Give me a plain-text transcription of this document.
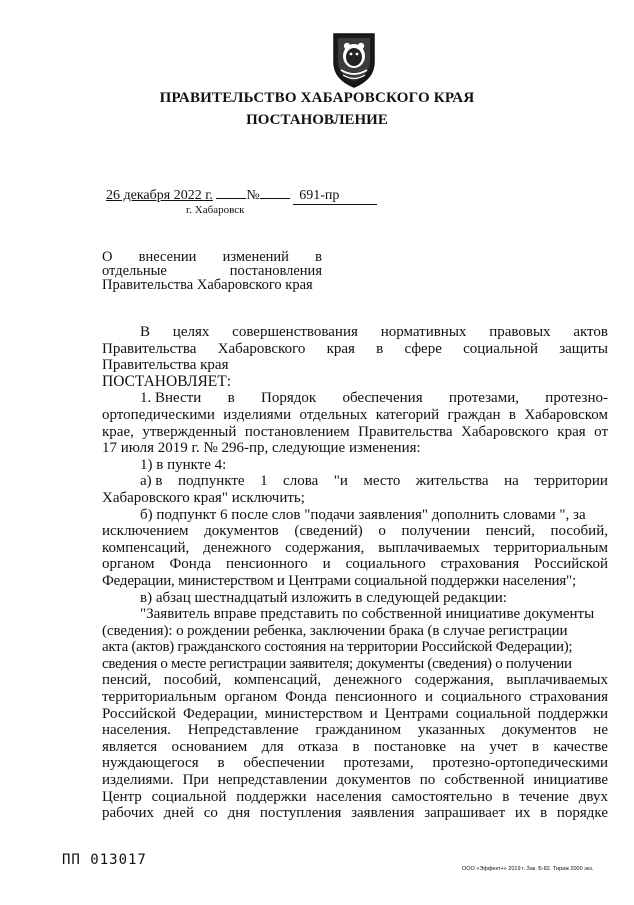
ПРАВИТЕЛЬСТВО ХАБАРОВСКОГО КРАЯ
ПОСТАНОВЛЕНИЕ
26 декабря 2022 г. №	691-пр
г. Хабаровск
О внесении изменений в
отдельные	постановления
Правительства Хабаровского края
В целях совершенствования нормативных правовых актов
Правительства Хабаровского края в сфере социальной защиты
Правительства края
ПОСТАНОВЛЯЕТ:
1. Внести в Порядок обеспечения протезами, протезно-
ортопедическими изделиями отдельных категорий граждан в Хабаровском
крае, утвержденный постановлением Правительства Хабаровского края от
17 июля 2019 г. № 296-пр, следующие изменения:
1) в пункте 4:
а) в подпункте 1 слова "и место жительства на территории
Хабаровского края" исключить;
б) подпункт 6 после слов "подачи заявления" дополнить словами ", за
исключением документов (сведений) о получении пенсий, пособий,
компенсаций, денежного содержания, выплачиваемых территориальным
органом Фонда пенсионного и социального страхования Российской
Федерации, министерством и Центрами социальной поддержки населения";
в) абзац шестнадцатый изложить в следующей редакции:
"Заявитель вправе представить по собственной инициативе документы
(сведения): о рождении ребенка, заключении брака (в случае регистрации
акта (актов) гражданского состояния на территории Российской Федерации);
сведения о месте регистрации заявителя; документы (сведения) о получении
пенсий, пособий, компенсаций, денежного содержания, выплачиваемых
территориальным органом Фонда пенсионного и социального страхования
Российской Федерации, министерством и Центрами социальной поддержки
населения. Непредставление гражданином указанных документов не
является основанием для отказа в постановке на учет в качестве
нуждающегося в обеспечении протезами, протезно-ортопедическими
изделиями. При непредставлении документов по собственной инициативе
Центр социальной поддержки населения самостоятельно в течение двух
рабочих дней со дня поступления заявления запрашивает их в порядке
ПП 013017
ООО «Эффект+» 2019 г. Зак. Б-82. Тираж 2000 экз.
